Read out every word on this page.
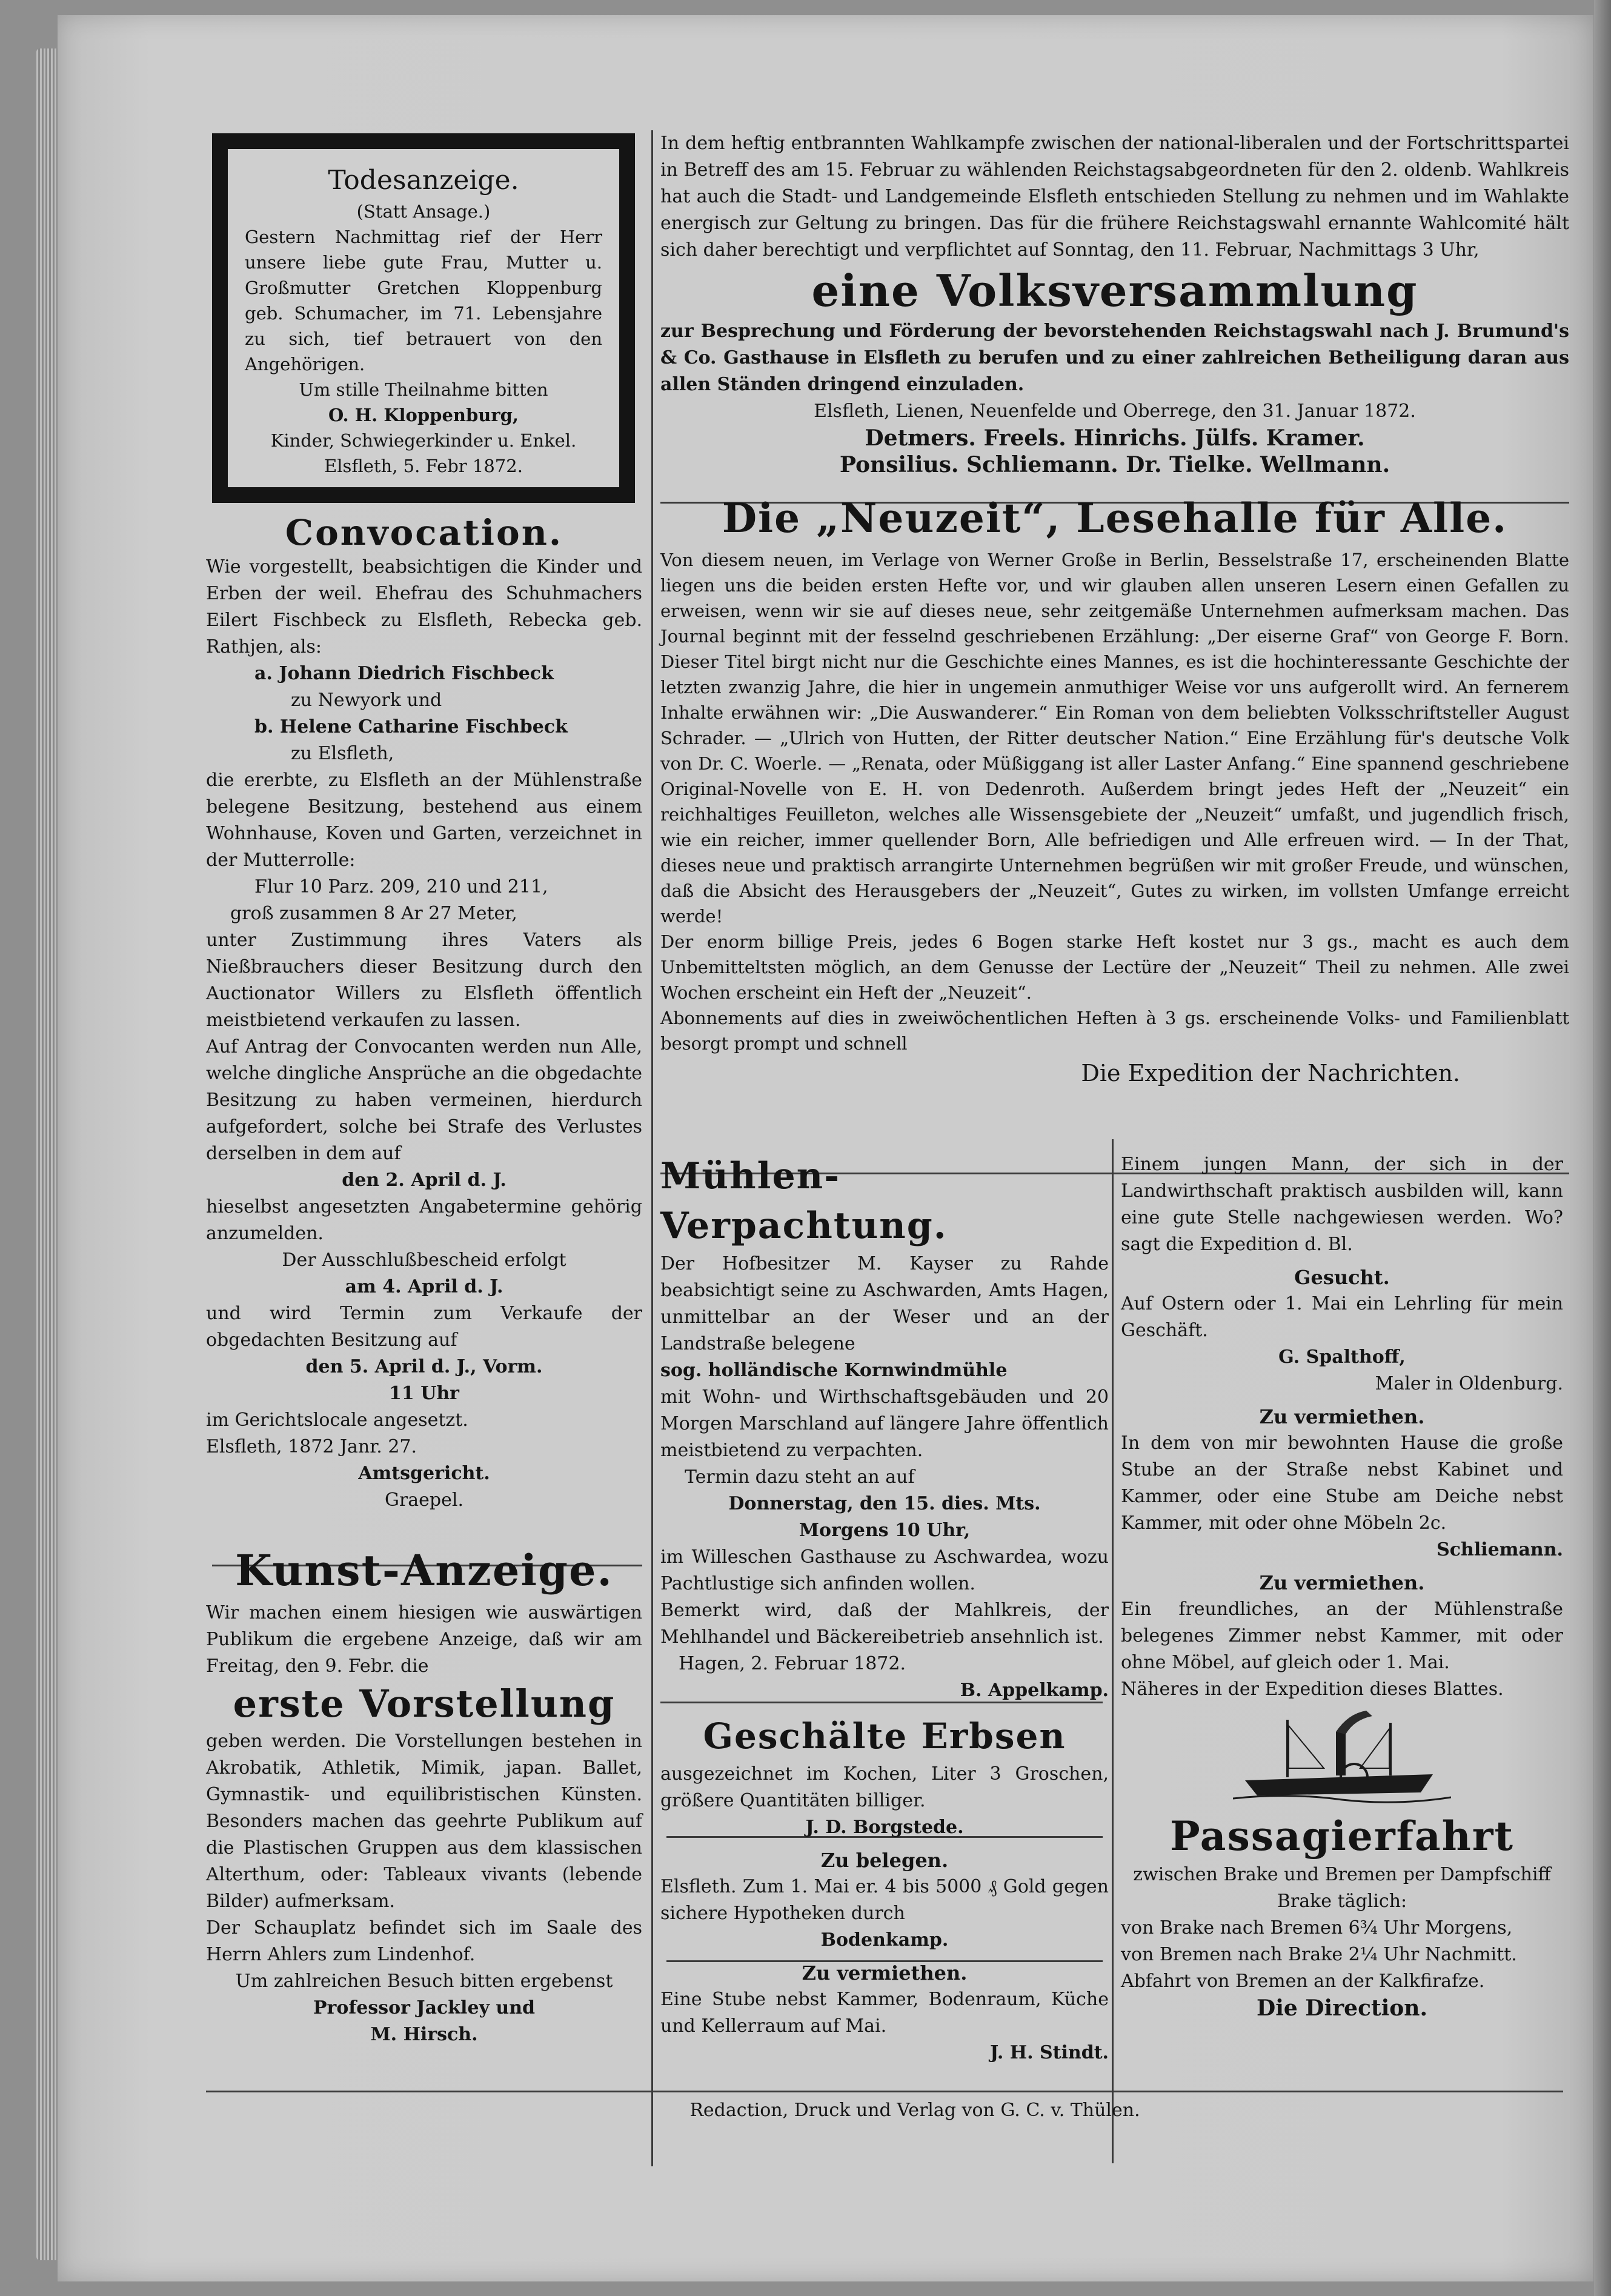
Todesanzeige.

(Statt Ansage.)

Gestern Nachmittag rief der Herr unsere liebe gute Frau, Mutter u. Großmutter Gretchen Kloppenburg geb. Schumacher, im 71. Lebensjahre zu sich, tief betrauert von den Angehörigen.

Um stille Theilnahme bitten

O. H. Kloppenburg,

Kinder, Schwiegerkinder u. Enkel.

Elsfleth, 5. Febr 1872.

Convocation.

Wie vorgestellt, beabsichtigen die Kinder und Erben der weil. Ehefrau des Schuhmachers Eilert Fischbeck zu Elsfleth, Rebecka geb. Rathjen, als:

a. Johann Diedrich Fischbeck

zu Newyork und

b. Helene Catharine Fischbeck

zu Elsfleth,

die ererbte, zu Elsfleth an der Mühlenstraße belegene Besitzung, bestehend aus einem Wohnhause, Koven und Garten, verzeichnet in der Mutterrolle:

Flur 10 Parz. 209, 210 und 211,

groß zusammen 8 Ar 27 Meter,

unter Zustimmung ihres Vaters als Nießbrauchers dieser Besitzung durch den Auctionator Willers zu Elsfleth öffentlich meistbietend verkaufen zu lassen.

Auf Antrag der Convocanten werden nun Alle, welche dingliche Ansprüche an die obgedachte Besitzung zu haben vermeinen, hierdurch aufgefordert, solche bei Strafe des Verlustes derselben in dem auf

den 2. April d. J.

hieselbst angesetzten Angabetermine gehörig anzumelden.

Der Ausschlußbescheid erfolgt

am 4. April d. J.

und wird Termin zum Verkaufe der obgedachten Besitzung auf

den 5. April d. J., Vorm.

11 Uhr

im Gerichtslocale angesetzt.

Elsfleth, 1872 Janr. 27.

Amtsgericht.

Graepel.

Kunst-Anzeige.

Wir machen einem hiesigen wie auswärtigen Publikum die ergebene Anzeige, daß wir am Freitag, den 9. Febr. die

erste Vorstellung

geben werden. Die Vorstellungen bestehen in Akrobatik, Athletik, Mimik, japan. Ballet, Gymnastik- und equilibristischen Künsten. Besonders machen das geehrte Publikum auf die Plastischen Gruppen aus dem klassischen Alterthum, oder: Tableaux vivants (lebende Bilder) aufmerksam.

Der Schauplatz befindet sich im Saale des Herrn Ahlers zum Lindenhof.

Um zahlreichen Besuch bitten ergebenst

Professor Jackley und

M. Hirsch.

In dem heftig entbrannten Wahlkampfe zwischen der national-liberalen und der Fortschrittspartei in Betreff des am 15. Februar zu wählenden Reichstagsabgeordneten für den 2. oldenb. Wahlkreis hat auch die Stadt- und Landgemeinde Elsfleth entschieden Stellung zu nehmen und im Wahlakte energisch zur Geltung zu bringen. Das für die frühere Reichstagswahl ernannte Wahlcomité hält sich daher berechtigt und verpflichtet auf Sonntag, den 11. Februar, Nachmittags 3 Uhr,

eine Volksversammlung

zur Besprechung und Förderung der bevorstehenden Reichstagswahl nach J. Brumund's & Co. Gasthause in Elsfleth zu berufen und zu einer zahlreichen Betheiligung daran aus allen Ständen dringend einzuladen.

Elsfleth, Lienen, Neuenfelde und Oberrege, den 31. Januar 1872.

Detmers. Freels. Hinrichs. Jülfs. Kramer.

Ponsilius. Schliemann. Dr. Tielke. Wellmann.

Die „Neuzeit“, Lesehalle für Alle.

Von diesem neuen, im Verlage von Werner Große in Berlin, Besselstraße 17, erscheinenden Blatte liegen uns die beiden ersten Hefte vor, und wir glauben allen unseren Lesern einen Gefallen zu erweisen, wenn wir sie auf dieses neue, sehr zeitgemäße Unternehmen aufmerksam machen. Das Journal beginnt mit der fesselnd geschriebenen Erzählung: „Der eiserne Graf“ von George F. Born. Dieser Titel birgt nicht nur die Geschichte eines Mannes, es ist die hochinteressante Geschichte der letzten zwanzig Jahre, die hier in ungemein anmuthiger Weise vor uns aufgerollt wird. An fernerem Inhalte erwähnen wir: „Die Auswanderer.“ Ein Roman von dem beliebten Volksschriftsteller August Schrader. — „Ulrich von Hutten, der Ritter deutscher Nation.“ Eine Erzählung für's deutsche Volk von Dr. C. Woerle. — „Renata, oder Müßiggang ist aller Laster Anfang.“ Eine spannend geschriebene Original-Novelle von E. H. von Dedenroth. Außerdem bringt jedes Heft der „Neuzeit“ ein reichhaltiges Feuilleton, welches alle Wissensgebiete der „Neuzeit“ umfaßt, und jugendlich frisch, wie ein reicher, immer quellender Born, Alle befriedigen und Alle erfreuen wird. — In der That, dieses neue und praktisch arrangirte Unternehmen begrüßen wir mit großer Freude, und wünschen, daß die Absicht des Herausgebers der „Neuzeit“, Gutes zu wirken, im vollsten Umfange erreicht werde!

Der enorm billige Preis, jedes 6 Bogen starke Heft kostet nur 3 gs., macht es auch dem Unbemitteltsten möglich, an dem Genusse der Lectüre der „Neuzeit“ Theil zu nehmen. Alle zwei Wochen erscheint ein Heft der „Neuzeit“.

Abonnements auf dies in zweiwöchentlichen Heften à 3 gs. erscheinende Volks- und Familienblatt besorgt prompt und schnell

Die Expedition der Nachrichten.

Mühlen-Verpachtung.

Der Hofbesitzer M. Kayser zu Rahde beabsichtigt seine zu Aschwarden, Amts Hagen, unmittelbar an der Weser und an der Landstraße belegene

sog. holländische Kornwindmühle

mit Wohn- und Wirthschaftsgebäuden und 20 Morgen Marschland auf längere Jahre öffentlich meistbietend zu verpachten.

Termin dazu steht an auf

Donnerstag, den 15. dies. Mts.

Morgens 10 Uhr,

im Willeschen Gasthause zu Aschwardea, wozu Pachtlustige sich anfinden wollen.

Bemerkt wird, daß der Mahlkreis, der Mehlhandel und Bäckereibetrieb ansehnlich ist.

Hagen, 2. Februar 1872.

B. Appelkamp.

Geschälte Erbsen

ausgezeichnet im Kochen, Liter 3 Groschen, größere Quantitäten billiger.

J. D. Borgstede.

Zu belegen.

Elsfleth. Zum 1. Mai er. 4 bis 5000 ₰ Gold gegen sichere Hypotheken durch

Bodenkamp.

Zu vermiethen.

Eine Stube nebst Kammer, Bodenraum, Küche und Kellerraum auf Mai.

J. H. Stindt.

Einem jungen Mann, der sich in der Landwirthschaft praktisch ausbilden will, kann eine gute Stelle nachgewiesen werden. Wo? sagt die Expedition d. Bl.

Gesucht.

Auf Ostern oder 1. Mai ein Lehrling für mein Geschäft.

G. Spalthoff,

Maler in Oldenburg.

Zu vermiethen.

In dem von mir bewohnten Hause die große Stube an der Straße nebst Kabinet und Kammer, oder eine Stube am Deiche nebst Kammer, mit oder ohne Möbeln 2c.

Schliemann.

Zu vermiethen.

Ein freundliches, an der Mühlenstraße belegenes Zimmer nebst Kammer, mit oder ohne Möbel, auf gleich oder 1. Mai.

Näheres in der Expedition dieses Blattes.

Passagierfahrt

zwischen Brake und Bremen per Dampfschiff Brake täglich:

von Brake nach Bremen 6¾ Uhr Morgens,

von Bremen nach Brake 2¼ Uhr Nachmitt.

Abfahrt von Bremen an der Kalkfirafze.

Die Direction.

Redaction, Druck und Verlag von G. C. v. Thülen.
